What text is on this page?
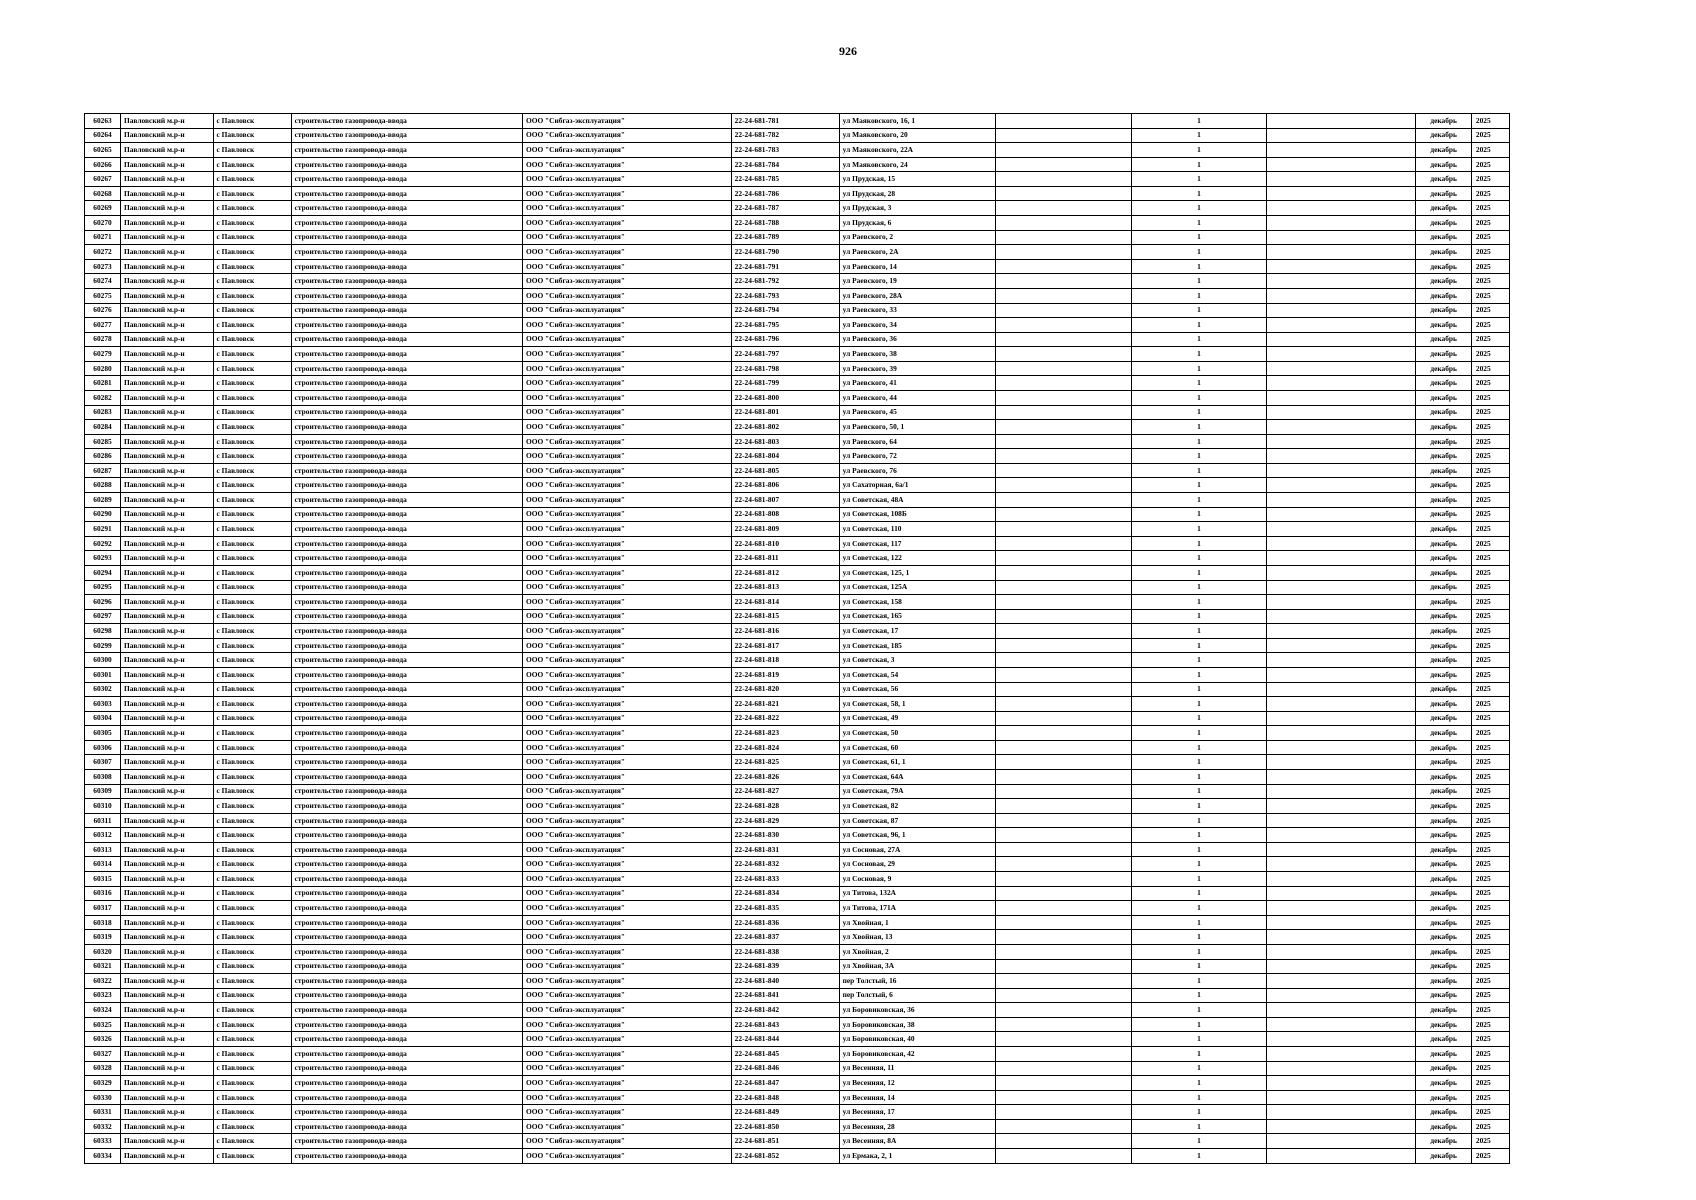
926
60263	Павловский м.р-н	с Павловск	строительство газопровода-ввода	ООО "Сибгаз-эксплуатация"	22-24-681-781	ул Маяковского, 16, 1		1		декабрь	2025
60264	Павловский м.р-н	с Павловск	строительство газопровода-ввода	ООО "Сибгаз-эксплуатация"	22-24-681-782	ул Маяковского, 20		1		декабрь	2025
60265	Павловский м.р-н	с Павловск	строительство газопровода-ввода	ООО "Сибгаз-эксплуатация"	22-24-681-783	ул Маяковского, 22А		1		декабрь	2025
60266	Павловский м.р-н	с Павловск	строительство газопровода-ввода	ООО "Сибгаз-эксплуатация"	22-24-681-784	ул Маяковского, 24		1		декабрь	2025
60267	Павловский м.р-н	с Павловск	строительство газопровода-ввода	ООО "Сибгаз-эксплуатация"	22-24-681-785	ул Прудская, 15		1		декабрь	2025
60268	Павловский м.р-н	с Павловск	строительство газопровода-ввода	ООО "Сибгаз-эксплуатация"	22-24-681-786	ул Прудская, 28		1		декабрь	2025
60269	Павловский м.р-н	с Павловск	строительство газопровода-ввода	ООО "Сибгаз-эксплуатация"	22-24-681-787	ул Прудская, 3		1		декабрь	2025
60270	Павловский м.р-н	с Павловск	строительство газопровода-ввода	ООО "Сибгаз-эксплуатация"	22-24-681-788	ул Прудская, 6		1		декабрь	2025
60271	Павловский м.р-н	с Павловск	строительство газопровода-ввода	ООО "Сибгаз-эксплуатация"	22-24-681-789	ул Раевского, 2		1		декабрь	2025
60272	Павловский м.р-н	с Павловск	строительство газопровода-ввода	ООО "Сибгаз-эксплуатация"	22-24-681-790	ул Раевского, 2А		1		декабрь	2025
60273	Павловский м.р-н	с Павловск	строительство газопровода-ввода	ООО "Сибгаз-эксплуатация"	22-24-681-791	ул Раевского, 14		1		декабрь	2025
60274	Павловский м.р-н	с Павловск	строительство газопровода-ввода	ООО "Сибгаз-эксплуатация"	22-24-681-792	ул Раевского, 19		1		декабрь	2025
60275	Павловский м.р-н	с Павловск	строительство газопровода-ввода	ООО "Сибгаз-эксплуатация"	22-24-681-793	ул Раевского, 28А		1		декабрь	2025
60276	Павловский м.р-н	с Павловск	строительство газопровода-ввода	ООО "Сибгаз-эксплуатация"	22-24-681-794	ул Раевского, 33		1		декабрь	2025
60277	Павловский м.р-н	с Павловск	строительство газопровода-ввода	ООО "Сибгаз-эксплуатация"	22-24-681-795	ул Раевского, 34		1		декабрь	2025
60278	Павловский м.р-н	с Павловск	строительство газопровода-ввода	ООО "Сибгаз-эксплуатация"	22-24-681-796	ул Раевского, 36		1		декабрь	2025
60279	Павловский м.р-н	с Павловск	строительство газопровода-ввода	ООО "Сибгаз-эксплуатация"	22-24-681-797	ул Раевского, 38		1		декабрь	2025
60280	Павловский м.р-н	с Павловск	строительство газопровода-ввода	ООО "Сибгаз-эксплуатация"	22-24-681-798	ул Раевского, 39		1		декабрь	2025
60281	Павловский м.р-н	с Павловск	строительство газопровода-ввода	ООО "Сибгаз-эксплуатация"	22-24-681-799	ул Раевского, 41		1		декабрь	2025
60282	Павловский м.р-н	с Павловск	строительство газопровода-ввода	ООО "Сибгаз-эксплуатация"	22-24-681-800	ул Раевского, 44		1		декабрь	2025
60283	Павловский м.р-н	с Павловск	строительство газопровода-ввода	ООО "Сибгаз-эксплуатация"	22-24-681-801	ул Раевского, 45		1		декабрь	2025
60284	Павловский м.р-н	с Павловск	строительство газопровода-ввода	ООО "Сибгаз-эксплуатация"	22-24-681-802	ул Раевского, 50, 1		1		декабрь	2025
60285	Павловский м.р-н	с Павловск	строительство газопровода-ввода	ООО "Сибгаз-эксплуатация"	22-24-681-803	ул Раевского, 64		1		декабрь	2025
60286	Павловский м.р-н	с Павловск	строительство газопровода-ввода	ООО "Сибгаз-эксплуатация"	22-24-681-804	ул Раевского, 72		1		декабрь	2025
60287	Павловский м.р-н	с Павловск	строительство газопровода-ввода	ООО "Сибгаз-эксплуатация"	22-24-681-805	ул Раевского, 76		1		декабрь	2025
60288	Павловский м.р-н	с Павловск	строительство газопровода-ввода	ООО "Сибгаз-эксплуатация"	22-24-681-806	ул Сахаторная, 6а/1		1		декабрь	2025
60289	Павловский м.р-н	с Павловск	строительство газопровода-ввода	ООО "Сибгаз-эксплуатация"	22-24-681-807	ул Советская, 48А		1		декабрь	2025
60290	Павловский м.р-н	с Павловск	строительство газопровода-ввода	ООО "Сибгаз-эксплуатация"	22-24-681-808	ул Советская, 108Б		1		декабрь	2025
60291	Павловский м.р-н	с Павловск	строительство газопровода-ввода	ООО "Сибгаз-эксплуатация"	22-24-681-809	ул Советская, 110		1		декабрь	2025
60292	Павловский м.р-н	с Павловск	строительство газопровода-ввода	ООО "Сибгаз-эксплуатация"	22-24-681-810	ул Советская, 117		1		декабрь	2025
60293	Павловский м.р-н	с Павловск	строительство газопровода-ввода	ООО "Сибгаз-эксплуатация"	22-24-681-811	ул Советская, 122		1		декабрь	2025
60294	Павловский м.р-н	с Павловск	строительство газопровода-ввода	ООО "Сибгаз-эксплуатация"	22-24-681-812	ул Советская, 125, 1		1		декабрь	2025
60295	Павловский м.р-н	с Павловск	строительство газопровода-ввода	ООО "Сибгаз-эксплуатация"	22-24-681-813	ул Советская, 125А		1		декабрь	2025
60296	Павловский м.р-н	с Павловск	строительство газопровода-ввода	ООО "Сибгаз-эксплуатация"	22-24-681-814	ул Советская, 158		1		декабрь	2025
60297	Павловский м.р-н	с Павловск	строительство газопровода-ввода	ООО "Сибгаз-эксплуатация"	22-24-681-815	ул Советская, 165		1		декабрь	2025
60298	Павловский м.р-н	с Павловск	строительство газопровода-ввода	ООО "Сибгаз-эксплуатация"	22-24-681-816	ул Советская, 17		1		декабрь	2025
60299	Павловский м.р-н	с Павловск	строительство газопровода-ввода	ООО "Сибгаз-эксплуатация"	22-24-681-817	ул Советская, 185		1		декабрь	2025
60300	Павловский м.р-н	с Павловск	строительство газопровода-ввода	ООО "Сибгаз-эксплуатация"	22-24-681-818	ул Советская, 3		1		декабрь	2025
60301	Павловский м.р-н	с Павловск	строительство газопровода-ввода	ООО "Сибгаз-эксплуатация"	22-24-681-819	ул Советская, 54		1		декабрь	2025
60302	Павловский м.р-н	с Павловск	строительство газопровода-ввода	ООО "Сибгаз-эксплуатация"	22-24-681-820	ул Советская, 56		1		декабрь	2025
60303	Павловский м.р-н	с Павловск	строительство газопровода-ввода	ООО "Сибгаз-эксплуатация"	22-24-681-821	ул Советская, 58, 1		1		декабрь	2025
60304	Павловский м.р-н	с Павловск	строительство газопровода-ввода	ООО "Сибгаз-эксплуатация"	22-24-681-822	ул Советская, 49		1		декабрь	2025
60305	Павловский м.р-н	с Павловск	строительство газопровода-ввода	ООО "Сибгаз-эксплуатация"	22-24-681-823	ул Советская, 50		1		декабрь	2025
60306	Павловский м.р-н	с Павловск	строительство газопровода-ввода	ООО "Сибгаз-эксплуатация"	22-24-681-824	ул Советская, 60		1		декабрь	2025
60307	Павловский м.р-н	с Павловск	строительство газопровода-ввода	ООО "Сибгаз-эксплуатация"	22-24-681-825	ул Советская, 61, 1		1		декабрь	2025
60308	Павловский м.р-н	с Павловск	строительство газопровода-ввода	ООО "Сибгаз-эксплуатация"	22-24-681-826	ул Советская, 64А		1		декабрь	2025
60309	Павловский м.р-н	с Павловск	строительство газопровода-ввода	ООО "Сибгаз-эксплуатация"	22-24-681-827	ул Советская, 79А		1		декабрь	2025
60310	Павловский м.р-н	с Павловск	строительство газопровода-ввода	ООО "Сибгаз-эксплуатация"	22-24-681-828	ул Советская, 82		1		декабрь	2025
60311	Павловский м.р-н	с Павловск	строительство газопровода-ввода	ООО "Сибгаз-эксплуатация"	22-24-681-829	ул Советская, 87		1		декабрь	2025
60312	Павловский м.р-н	с Павловск	строительство газопровода-ввода	ООО "Сибгаз-эксплуатация"	22-24-681-830	ул Советская, 96, 1		1		декабрь	2025
60313	Павловский м.р-н	с Павловск	строительство газопровода-ввода	ООО "Сибгаз-эксплуатация"	22-24-681-831	ул Сосновая, 27А		1		декабрь	2025
60314	Павловский м.р-н	с Павловск	строительство газопровода-ввода	ООО "Сибгаз-эксплуатация"	22-24-681-832	ул Сосновая, 29		1		декабрь	2025
60315	Павловский м.р-н	с Павловск	строительство газопровода-ввода	ООО "Сибгаз-эксплуатация"	22-24-681-833	ул Сосновая, 9		1		декабрь	2025
60316	Павловский м.р-н	с Павловск	строительство газопровода-ввода	ООО "Сибгаз-эксплуатация"	22-24-681-834	ул Титова, 132А		1		декабрь	2025
60317	Павловский м.р-н	с Павловск	строительство газопровода-ввода	ООО "Сибгаз-эксплуатация"	22-24-681-835	ул Титова, 171А		1		декабрь	2025
60318	Павловский м.р-н	с Павловск	строительство газопровода-ввода	ООО "Сибгаз-эксплуатация"	22-24-681-836	ул Хвойная, 1		1		декабрь	2025
60319	Павловский м.р-н	с Павловск	строительство газопровода-ввода	ООО "Сибгаз-эксплуатация"	22-24-681-837	ул Хвойная, 13		1		декабрь	2025
60320	Павловский м.р-н	с Павловск	строительство газопровода-ввода	ООО "Сибгаз-эксплуатация"	22-24-681-838	ул Хвойная, 2		1		декабрь	2025
60321	Павловский м.р-н	с Павловск	строительство газопровода-ввода	ООО "Сибгаз-эксплуатация"	22-24-681-839	ул Хвойная, 3А		1		декабрь	2025
60322	Павловский м.р-н	с Павловск	строительство газопровода-ввода	ООО "Сибгаз-эксплуатация"	22-24-681-840	пер Толстый, 16		1		декабрь	2025
60323	Павловский м.р-н	с Павловск	строительство газопровода-ввода	ООО "Сибгаз-эксплуатация"	22-24-681-841	пер Толстый, 6		1		декабрь	2025
60324	Павловский м.р-н	с Павловск	строительство газопровода-ввода	ООО "Сибгаз-эксплуатация"	22-24-681-842	ул Боровиковская, 36		1		декабрь	2025
60325	Павловский м.р-н	с Павловск	строительство газопровода-ввода	ООО "Сибгаз-эксплуатация"	22-24-681-843	ул Боровиковская, 38		1		декабрь	2025
60326	Павловский м.р-н	с Павловск	строительство газопровода-ввода	ООО "Сибгаз-эксплуатация"	22-24-681-844	ул Боровиковская, 40		1		декабрь	2025
60327	Павловский м.р-н	с Павловск	строительство газопровода-ввода	ООО "Сибгаз-эксплуатация"	22-24-681-845	ул Боровиковская, 42		1		декабрь	2025
60328	Павловский м.р-н	с Павловск	строительство газопровода-ввода	ООО "Сибгаз-эксплуатация"	22-24-681-846	ул Весенняя, 11		1		декабрь	2025
60329	Павловский м.р-н	с Павловск	строительство газопровода-ввода	ООО "Сибгаз-эксплуатация"	22-24-681-847	ул Весенняя, 12		1		декабрь	2025
60330	Павловский м.р-н	с Павловск	строительство газопровода-ввода	ООО "Сибгаз-эксплуатация"	22-24-681-848	ул Весенняя, 14		1		декабрь	2025
60331	Павловский м.р-н	с Павловск	строительство газопровода-ввода	ООО "Сибгаз-эксплуатация"	22-24-681-849	ул Весенняя, 17		1		декабрь	2025
60332	Павловский м.р-н	с Павловск	строительство газопровода-ввода	ООО "Сибгаз-эксплуатация"	22-24-681-850	ул Весенняя, 28		1		декабрь	2025
60333	Павловский м.р-н	с Павловск	строительство газопровода-ввода	ООО "Сибгаз-эксплуатация"	22-24-681-851	ул Весенняя, 8А		1		декабрь	2025
60334	Павловский м.р-н	с Павловск	строительство газопровода-ввода	ООО "Сибгаз-эксплуатация"	22-24-681-852	ул Ермака, 2, 1		1		декабрь	2025
